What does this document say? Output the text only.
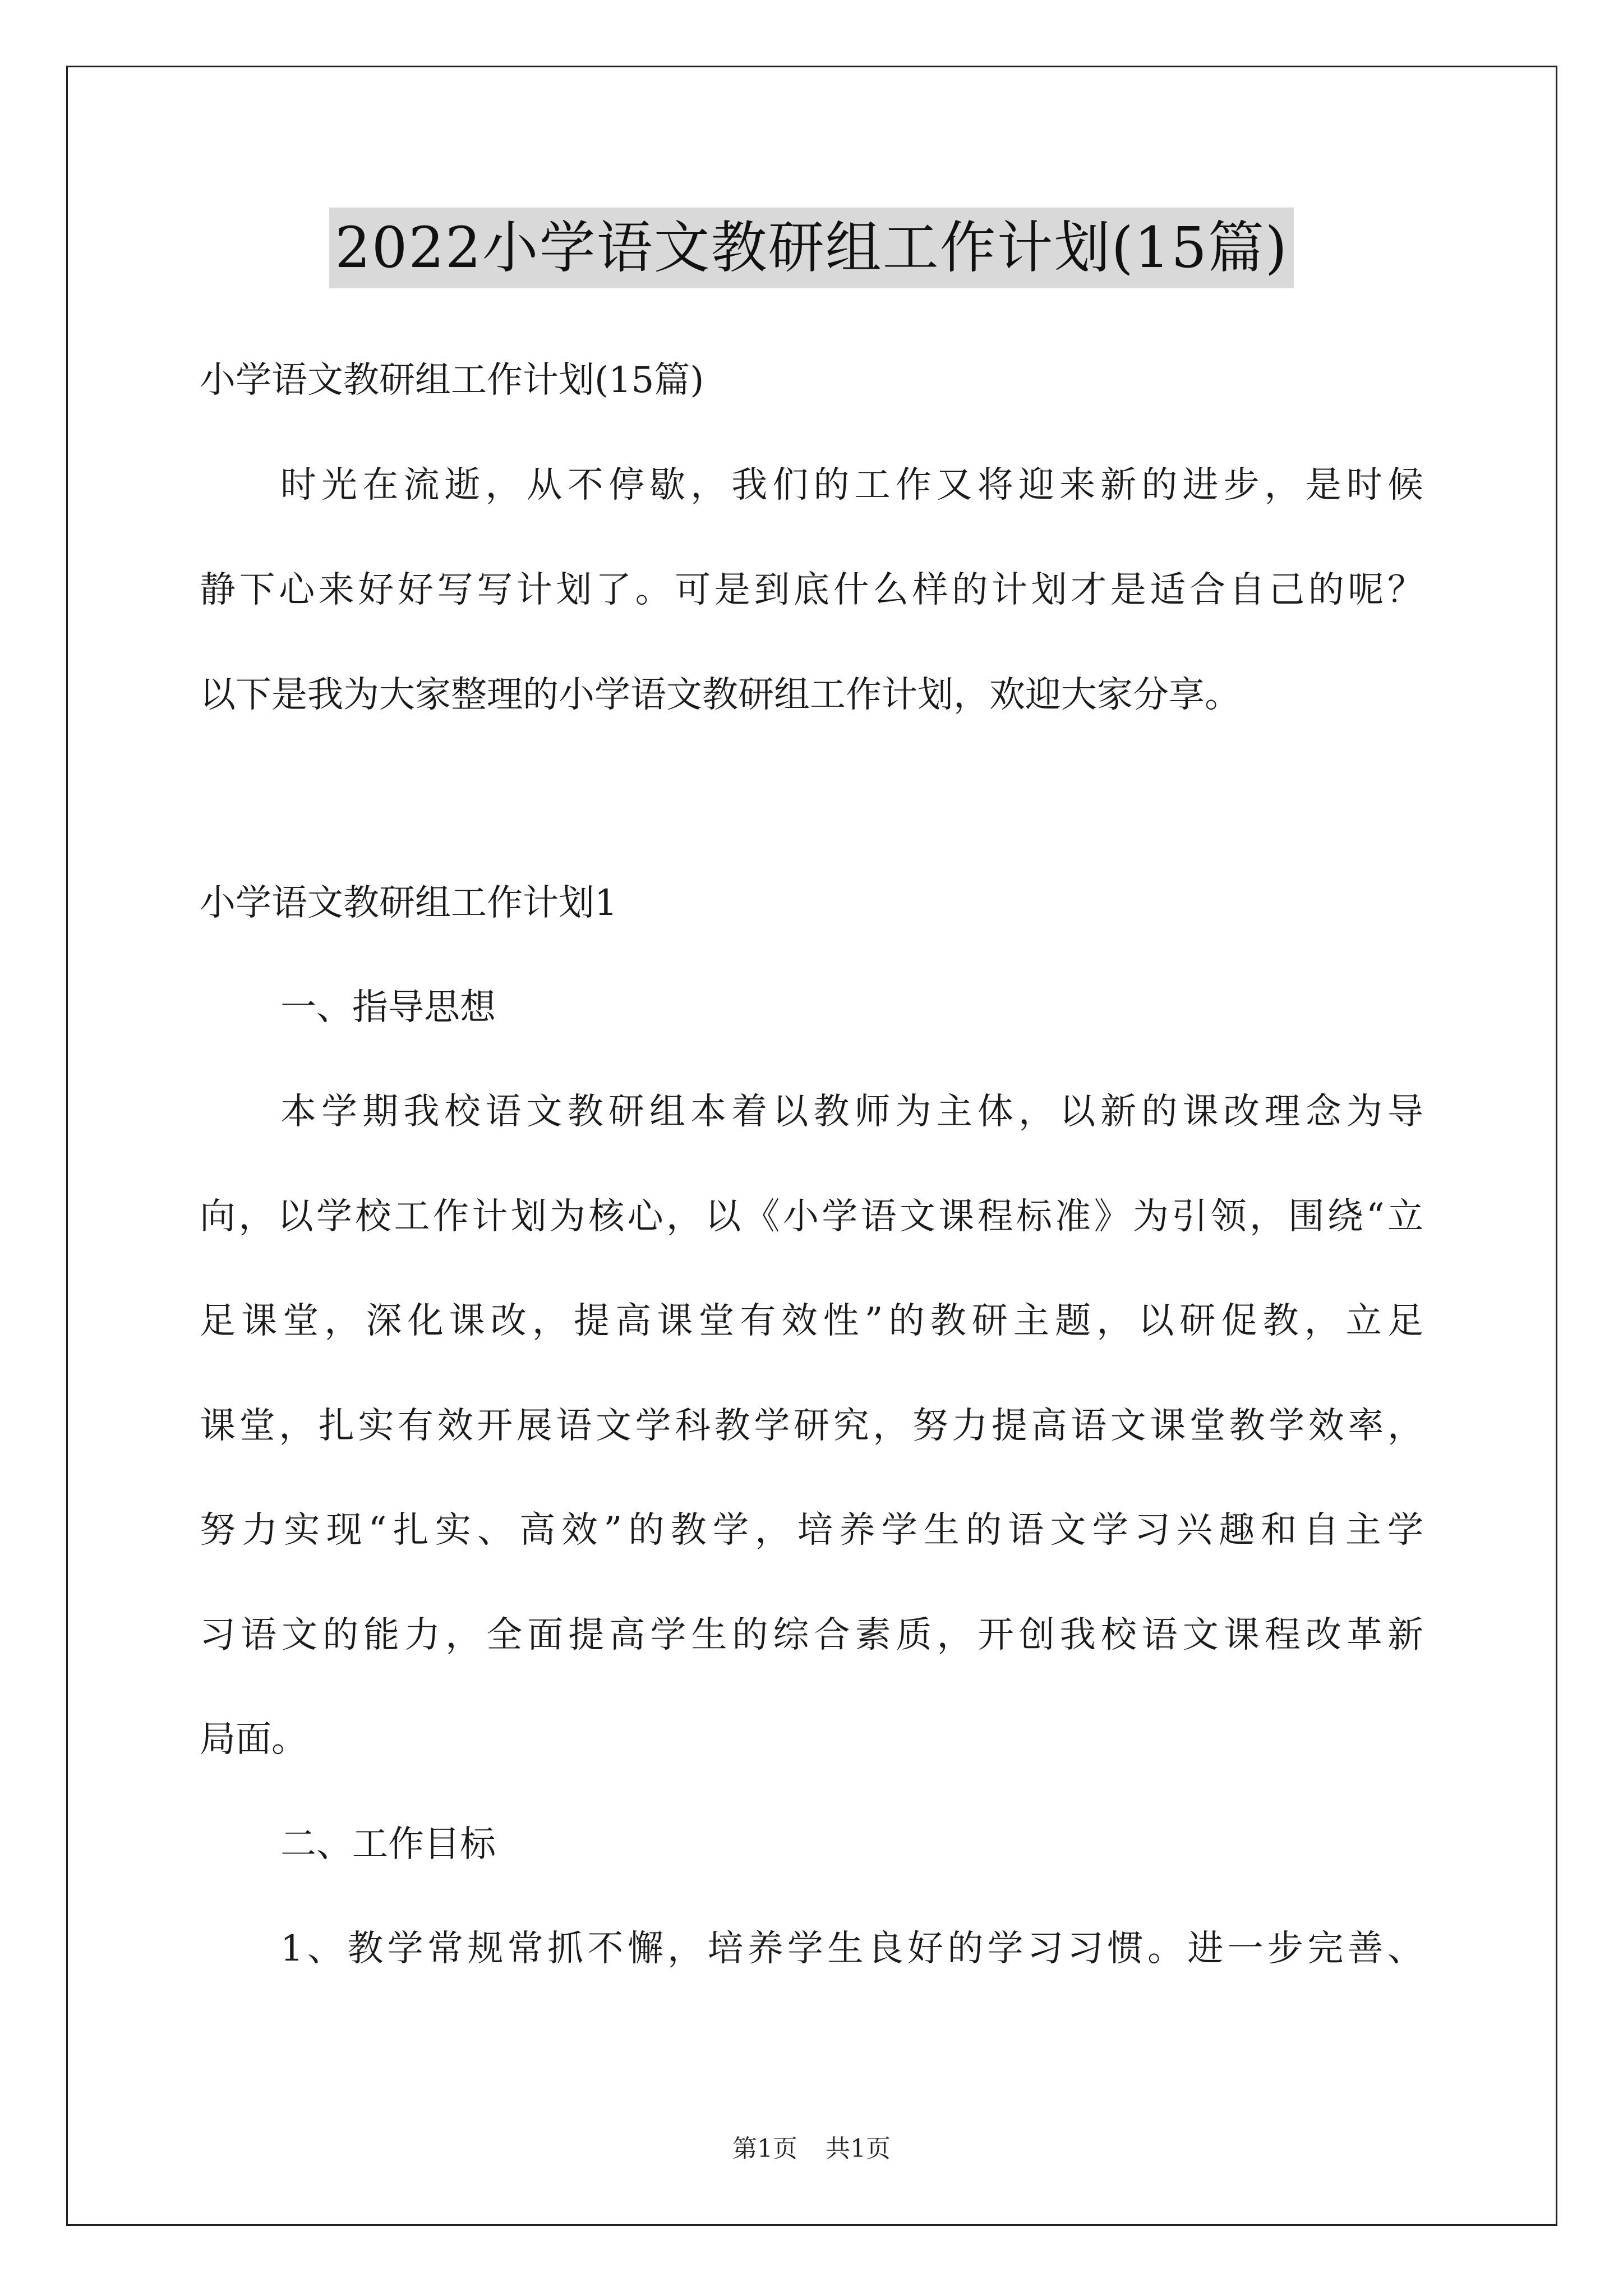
2022小学语文教研组工作计划(15篇)
小学语文教研组工作计划(15篇)
时光在流逝，从不停歇，我们的工作又将迎来新的进步，是时候
静下心来好好写写计划了。可是到底什么样的计划才是适合自己的呢？
以下是我为大家整理的小学语文教研组工作计划，欢迎大家分享。
小学语文教研组工作计划1
一、指导思想
本学期我校语文教研组本着以教师为主体，以新的课改理念为导
向，以学校工作计划为核心，以《小学语文课程标准》为引领，围绕“立
足课堂，深化课改，提高课堂有效性”的教研主题，以研促教，立足
课堂，扎实有效开展语文学科教学研究，努力提高语文课堂教学效率，
努力实现“扎实、高效”的教学，培养学生的语文学习兴趣和自主学
习语文的能力，全面提高学生的综合素质，开创我校语文课程改革新
局面。
二、工作目标
1、教学常规常抓不懈，培养学生良好的学习习惯。进一步完善、
第1页 共1页
